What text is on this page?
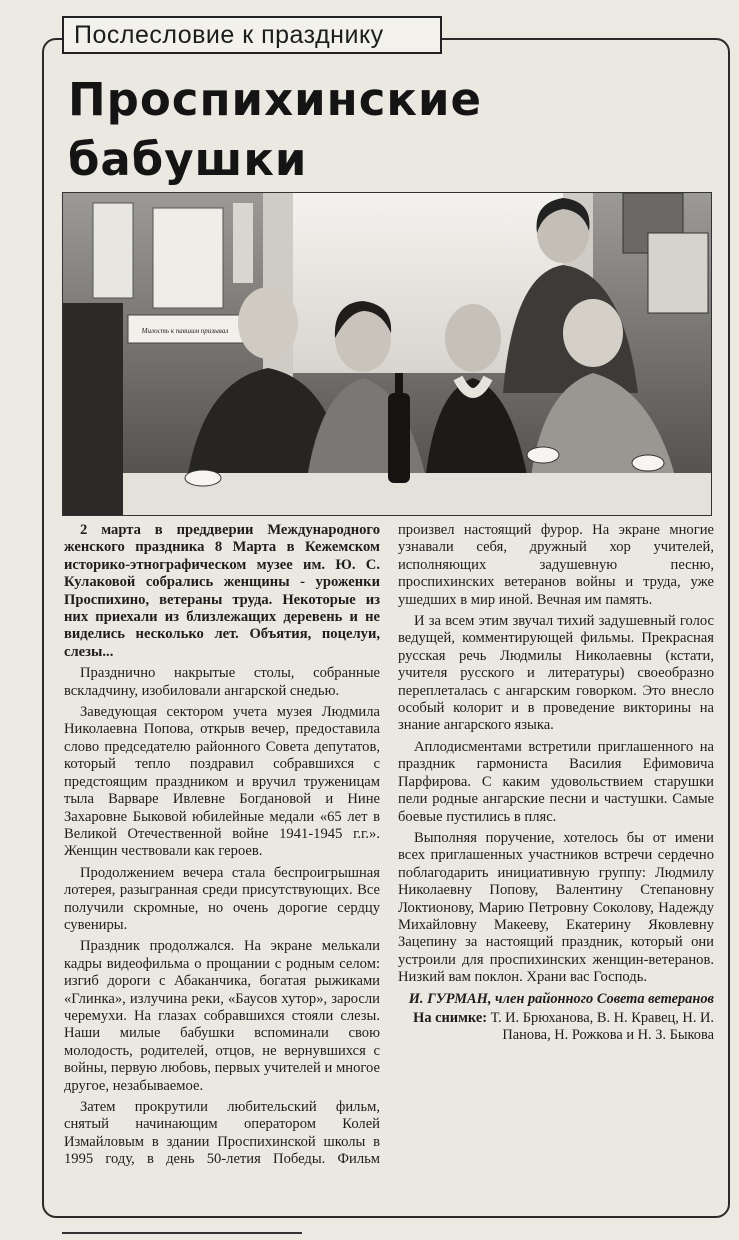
Послесловие к празднику
Проспихинские бабушки
Милость к павшим призывал

2 марта в преддверии Международного женского праздника 8 Марта в Кежемском историко-этнографическом музее им. Ю. С. Кулаковой собрались женщины - уроженки Проспихино, ветераны труда. Некоторые из них приехали из близлежащих деревень и не виделись несколько лет. Объятия, поцелуи, слезы...

Празднично накрытые столы, собранные вскладчину, изобиловали ангарской снедью.

Заведующая сектором учета музея Людмила Николаевна Попова, открыв вечер, предоставила слово председателю районного Совета депутатов, который тепло поздравил собравшихся с предстоящим праздником и вручил труженицам тыла Варваре Ивлевне Богдановой и Нине Захаровне Быковой юбилейные медали «65 лет в Великой Отечественной войне 1941-1945 г.г.». Женщин чествовали как героев.

Продолжением вечера стала беспроигрышная лотерея, разыгранная среди присутствующих. Все получили скромные, но очень дорогие сердцу сувениры.

Праздник продолжался. На экране мелькали кадры видеофильма о прощании с родным селом: изгиб дороги с Абаканчика, богатая рыжиками «Глинка», излучина реки, «Баусов хутор», заросли черемухи. На глазах собравшихся стояли слезы. Наши милые бабушки вспоминали свою молодость, родителей, отцов, не вернувшихся с войны, первую любовь, первых учителей и многое другое, незабываемое.

Затем прокрутили любительский фильм, снятый начинающим оператором Колей Измайловым в здании Проспихинской школы в 1995 году, в день 50-летия Победы. Фильм произвел настоящий фурор. На экране многие узнавали себя, дружный хор учителей, исполняющих задушевную песню, проспихинских ветеранов войны и труда, уже ушедших в мир иной. Вечная им память.

И за всем этим звучал тихий задушевный голос ведущей, комментирующей фильмы. Прекрасная русская речь Людмилы Николаевны (кстати, учителя русского и литературы) своеобразно переплеталась с ангарским говорком. Это внесло особый колорит и в проведение викторины на знание ангарского языка.

Аплодисментами встретили приглашенного на праздник гармониста Василия Ефимовича Парфирова. С каким удовольствием старушки пели родные ангарские песни и частушки. Самые боевые пустились в пляс.

Выполняя поручение, хотелось бы от имени всех приглашенных участников встречи сердечно поблагодарить инициативную группу: Людмилу Николаевну Попову, Валентину Степановну Локтионову, Марию Петровну Соколову, Надежду Михайловну Макееву, Екатерину Яковлевну Зацепину за настоящий праздник, который они устроили для проспихинских женщин-ветеранов. Низкий вам поклон. Храни вас Господь.

И. ГУРМАН, член районного Совета ветеранов
На снимке: Т. И. Брюханова, В. Н. Кравец, Н. И. Панова, Н. Рожкова и Н. З. Быкова
